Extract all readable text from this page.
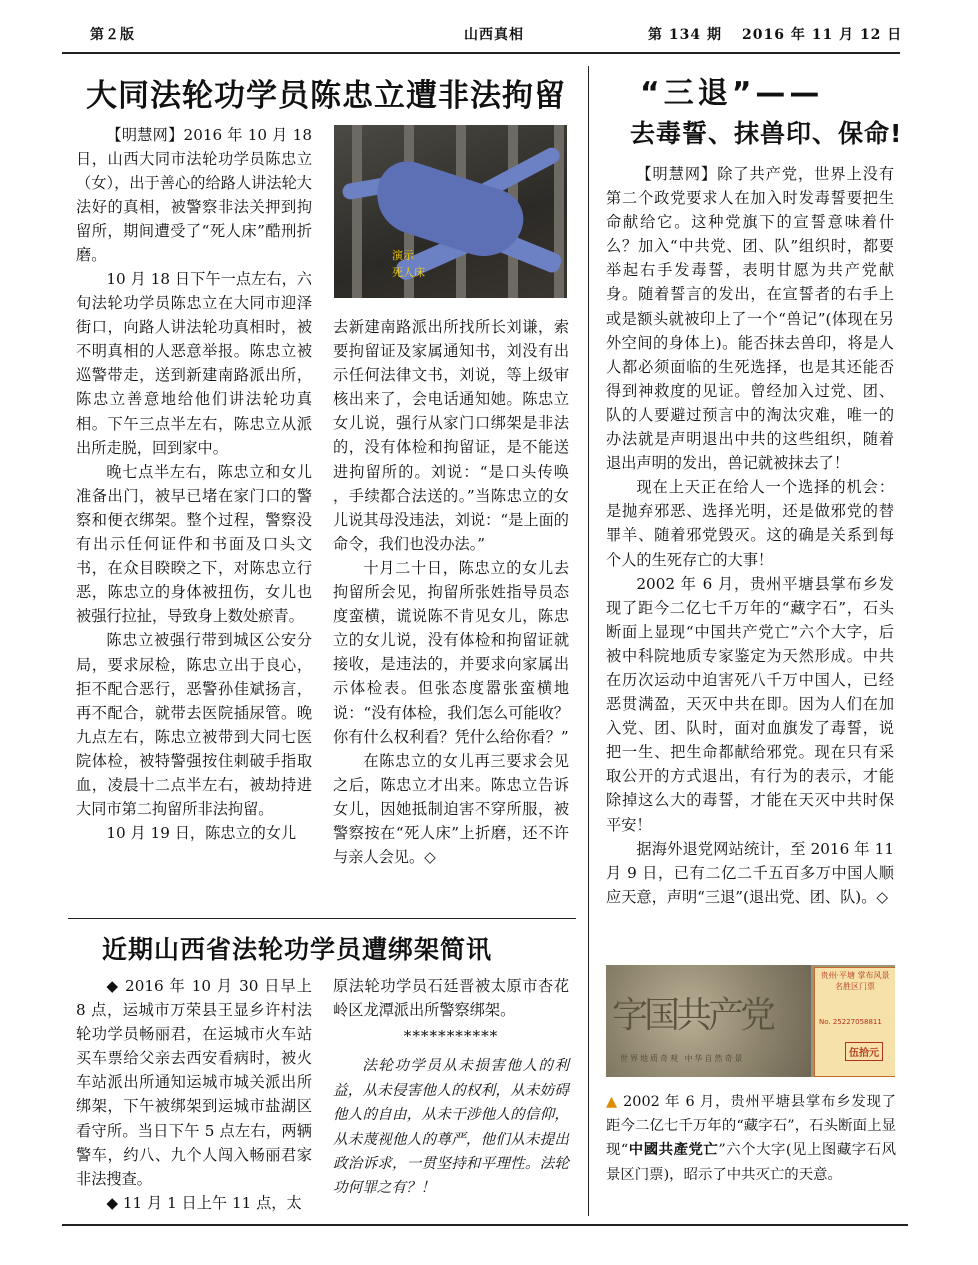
第２版	山西真相	第 134 期 2016 年 11 月 12 日
大同法轮功学员陈忠立遭非法拘留

【明慧网】2016 年 10 月 18 日，山西大同市法轮功学员陈忠立（女），出于善心的给路人讲法轮大法好的真相，被警察非法关押到拘留所，期间遭受了“死人床”酷刑折磨。	演示
死人床

10 月 18 日下午一点左右，六旬法轮功学员陈忠立在大同市迎泽街口，向路人讲法轮功真相时，被不明真相的人恶意举报。陈忠立被巡警带走，送到新建南路派出所，陈忠立善意地给他们讲法轮功真相。下午三点半左右，陈忠立从派出所走脱，回到家中。

晚七点半左右，陈忠立和女儿准备出门，被早已堵在家门口的警察和便衣绑架。整个过程，警察没有出示任何证件和书面及口头文书，在众目睽睽之下，对陈忠立行恶，陈忠立的身体被扭伤，女儿也被强行拉扯，导致身上数处瘀青。

陈忠立被强行带到城区公安分局，要求尿检，陈忠立出于良心，拒不配合恶行，恶警孙佳斌扬言，再不配合，就带去医院插尿管。晚九点左右，陈忠立被带到大同七医院体检，被特警强按住刺破手指取血，凌晨十二点半左右，被劫持进大同市第二拘留所非法拘留。

10 月 19 日，陈忠立的女儿

去新建南路派出所找所长刘谦，索要拘留证及家属通知书，刘没有出示任何法律文书，刘说，等上级审核出来了，会电话通知她。陈忠立女儿说，强行从家门口绑架是非法的，没有体检和拘留证，是不能送进拘留所的。刘说：“是口头传唤 ，手续都合法送的。”当陈忠立的女儿说其母没违法，刘说：“是上面的命令，我们也没办法。”

十月二十日，陈忠立的女儿去拘留所会见，拘留所张姓指导员态度蛮横，谎说陈不肯见女儿，陈忠立的女儿说，没有体检和拘留证就接收，是违法的，并要求向家属出示体检表。但张态度嚣张蛮横地说：“没有体检，我们怎么可能收？你有什么权利看？凭什么给你看？”

在陈忠立的女儿再三要求会见之后，陈忠立才出来。陈忠立告诉女儿，因她抵制迫害不穿所服，被警察按在“死人床”上折磨，还不许与亲人会见。◇

近期山西省法轮功学员遭绑架简讯

◆ 2016 年 10 月 30 日早上 8 点，运城市万荣县王显乡许村法轮功学员畅丽君，在运城市火车站买车票给父亲去西安看病时，被火车站派出所通知运城市城关派出所绑架，下午被绑架到运城市盐湖区看守所。当日下午 5 点左右，两辆警车，约八、九个人闯入畅丽君家非法搜查。

◆ 11 月 1 日上午 11 点，太

原法轮功学员石廷晋被太原市杏花岭区龙潭派出所警察绑架。

***********

法轮功学员从未损害他人的利益，从未侵害他人的权利，从未妨碍他人的自由，从未干涉他人的信仰，从未蔑视他人的尊严，他们从未提出政治诉求，一贯坚持和平理性。法轮功何罪之有？！

“三退”——
去毒誓、抹兽印、保命!

【明慧网】除了共产党，世界上没有第二个政党要求人在加入时发毒誓要把生命献给它。这种党旗下的宣誓意味着什么？加入“中共党、团、队”组织时，都要举起右手发毒誓，表明甘愿为共产党献身。随着誓言的发出，在宣誓者的右手上或是额头就被印上了一个“兽记”(体现在另外空间的身体上)。能否抹去兽印，将是人人都必须面临的生死选择，也是其还能否得到神救度的见证。曾经加入过党、团、队的人要避过预言中的淘汰灾难，唯一的办法就是声明退出中共的这些组织，随着退出声明的发出，兽记就被抹去了！

现在上天正在给人一个选择的机会：是抛弃邪恶、选择光明，还是做邪党的替罪羊、随着邪党毁灭。这的确是关系到每个人的生死存亡的大事！

2002 年 6 月，贵州平塘县掌布乡发现了距今二亿七千万年的“藏字石”，石头断面上显现“中国共产党亡”六个大字，后被中科院地质专家鉴定为天然形成。中共在历次运动中迫害死八千万中国人，已经恶贯满盈，天灭中共在即。因为人们在加入党、团、队时，面对血旗发了毒誓，说把一生、把生命都献给邪党。现在只有采取公开的方式退出，有行为的表示，才能除掉这么大的毒誓，才能在天灭中共时保平安！

据海外退党网站统计，至 2016 年 11 月 9 日，已有二亿二千五百多万中国人顺应天意，声明“三退”(退出党、团、队)。◇

字国共产党
世界地质奇观 中华自然奇景
贵州·平塘 掌布风景名胜区门票
No. 25227058811
伍拾元
▲ 2002 年 6 月，贵州平塘县掌布乡发现了距今二亿七千万年的“藏字石”，石头断面上显现“中國共產党亡”六个大字(见上图藏字石风景区门票)，昭示了中共灭亡的天意。
